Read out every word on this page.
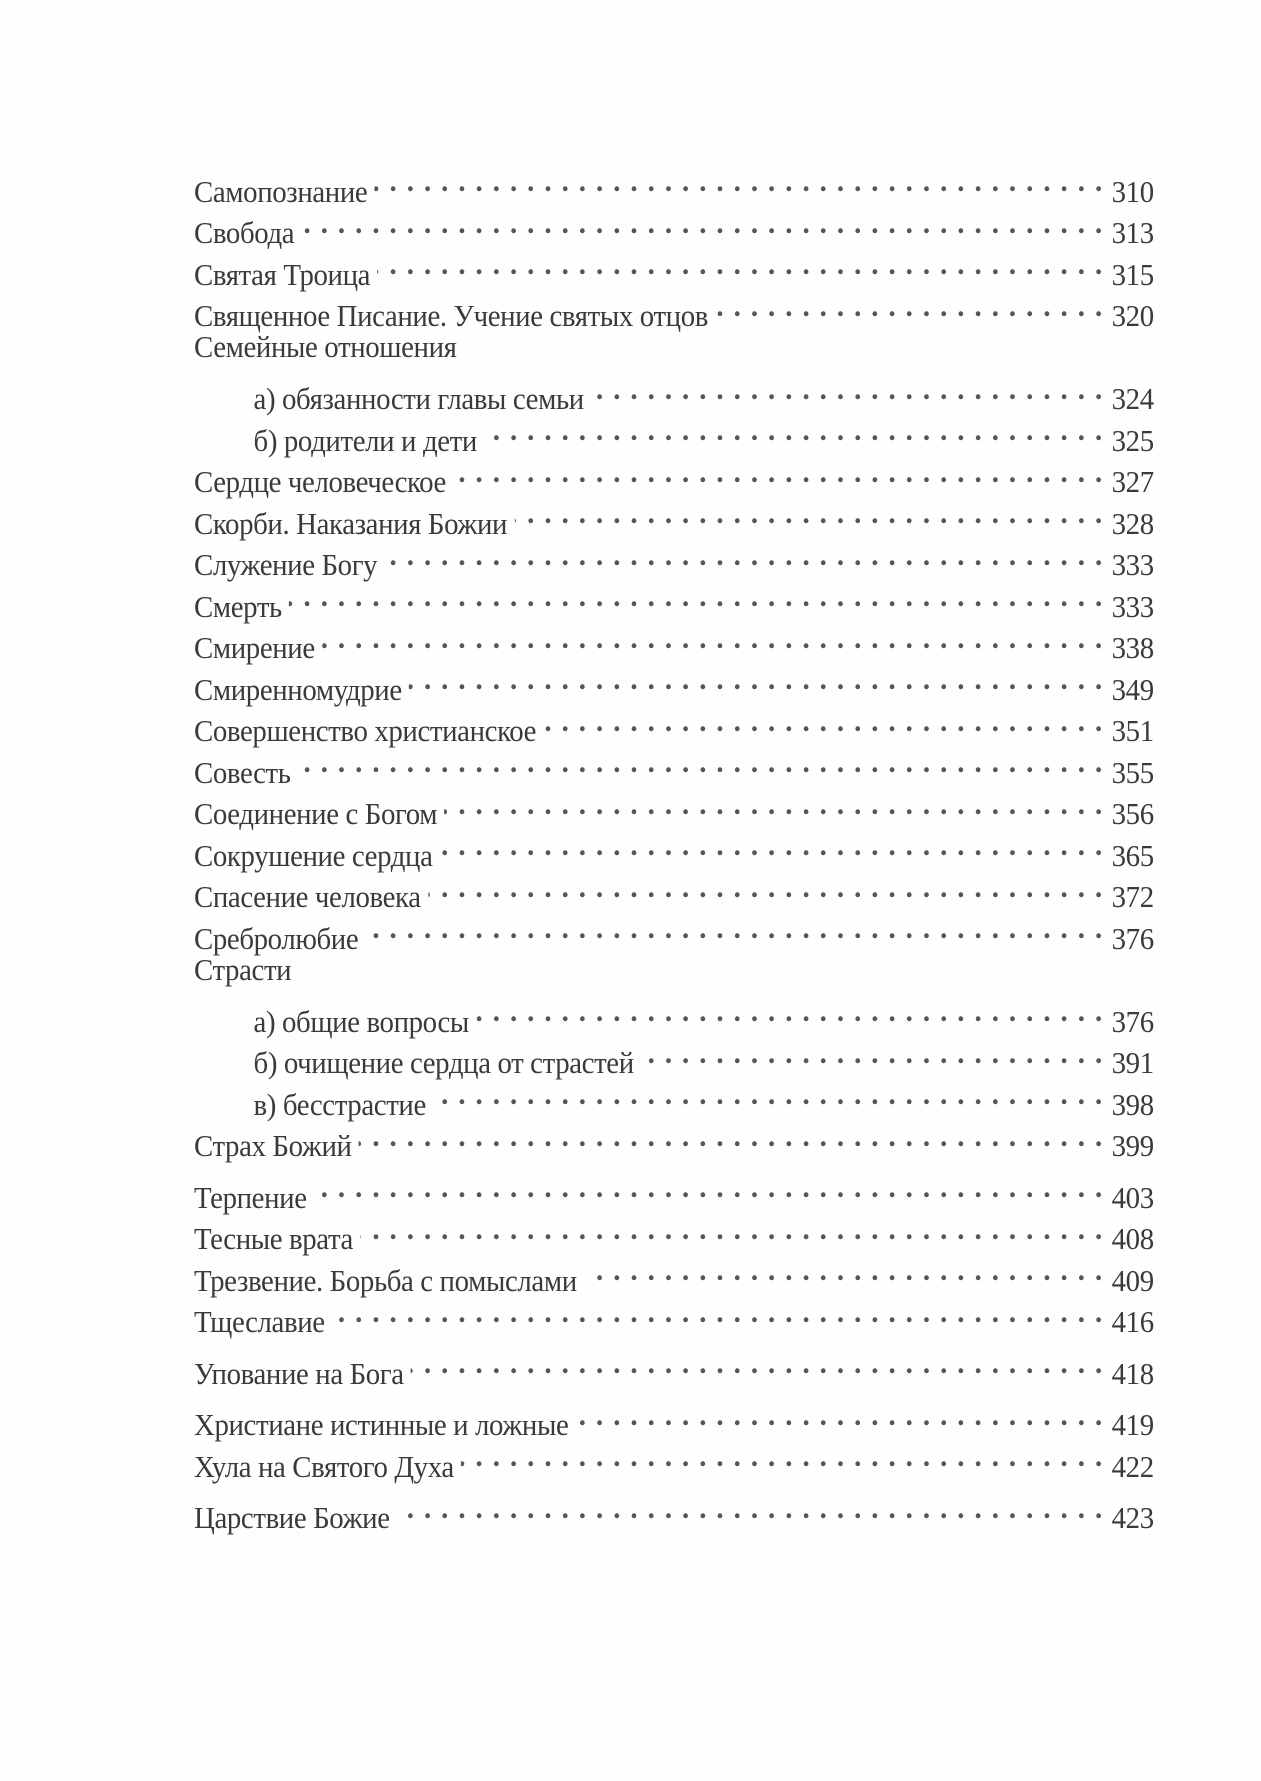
Самопознание . . .	310
Свобода . . .	313
Святая Троица . . .	315
Священное Писание. Учение святых отцов . . .	320
Семейные отношения
а) обязанности главы семьи . . .	324
б) родители и дети . . .	325
Сердце человеческое . . .	327
Скорби. Наказания Божии . . .	328
Служение Богу . . .	333
Смерть . . .	333
Смирение . . .	338
Смиренномудрие . . .	349
Совершенство христианское . . .	351
Совесть . . .	355
Соединение с Богом . . .	356
Сокрушение сердца . . .	365
Спасение человека . . .	372
Сребролюбие . . .	376
Страсти
а) общие вопросы . . .	376
б) очищение сердца от страстей . . .	391
в) бесстрастие . . .	398
Страх Божий . . .	399
Терпение . . .	403
Тесные врата . . .	408
Трезвение. Борьба с помыслами . . .	409
Тщеславие . . .	416
Упование на Бога . . .	418
Христиане истинные и ложные . . .	419
Хула на Святого Духа . . .	422
Царствие Божие . . .	423
